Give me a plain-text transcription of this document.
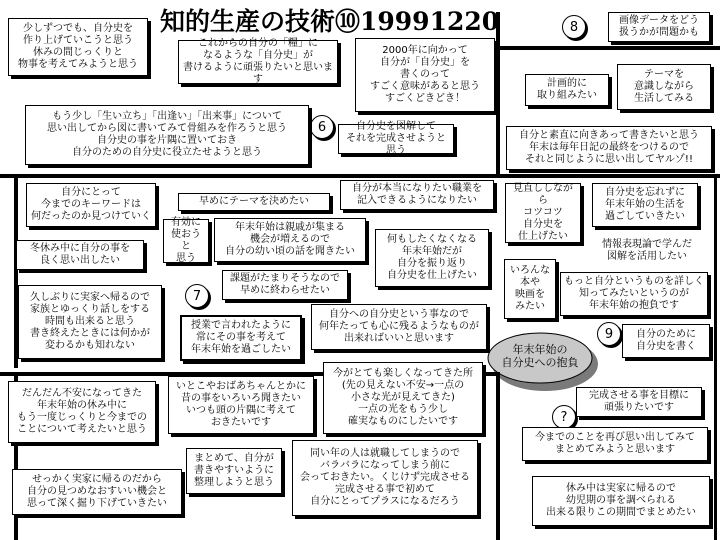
知的生産の技術⑩19991220	8
6
7
9
?
年末年始の
自分史への抱負
少しずつでも、自分史を
作り上げていこうと思う
休みの間じっくりと
物事を考えてみようと思う
これからの自分の「糧」に
なるような「自分史」が
書けるように頑張りたいと思います
2000年に向かって
自分が「自分史」を
書くのって
すごく意味があると思う
すごくどきどき！
画像データをどう
扱うかが問題かも
計画的に
取り組みたい
テーマを
意識しながら
生活してみる
もう少し「生い立ち」「出逢い」「出来事」について
思い出してから図に書いてみて骨組みを作ろうと思う
自分史の事を片隅に置いておき
自分のための自分史に役立たせようと思う
自分史を図解して
それを完成させようと思う
自分と素直に向きあって書きたいと思う
年末は毎年日記の最終をつけるので
それと同じように思い出してヤルゾ!!
自分にとって
今までのキーワードは
何だったのか見つけていく
早めにテーマを決めたい
自分が本当になりたい職業を
記入できるようになりたい
見直ししながら
コツコツ
自分史を
仕上げたい
自分史を忘れずに
年末年始の生活を
過ごしていきたい
有効に
使おうと
思う
年末年始は親戚が集まる
機会が増えるので
自分の幼い頃の話を聞きたい
何もしたくなくなる
年末年始だが
自分を振り返り
自分史を仕上げたい
冬休み中に自分の事を
良く思い出したい
情報表現論で学んだ
図解を活用したい
いろんな
本や
映画を
みたい
もっと自分というものを詳しく
知ってみたいというのが
年末年始の抱負です
課題がたまりそうなので
早めに終わらせたい
久しぶりに実家へ帰るので
家族とゆっくり話しをする
時間も出来ると思う
書き終えたときには何かが
変わるかも知れない
授業で言われたように
常にその事を考えて
年末年始を過ごしたい
自分への自分史という事なので
何年たっても心に残るようなものが
出来ればいいと思います	自分のために
自分史を書く
だんだん不安になってきた
年末年始の休み中に
もう一度じっくりと今までの
ことについて考えたいと思う
いとこやおばあちゃんとかに
昔の事をいろいろ聞きたい
いつも頭の片隅に考えて
おきたいです
今がとても楽しくなってきた所
(先の見えない不安→一点の
小さな光が見えてきた)
一点の光をもう少し
確実なものにしたいです
完成させる事を目標に
頑張りたいです
今までのことを再び思い出してみて
まとめてみようと思います
まとめて、自分が
書きやすいように
整理しようと思う
同い年の人は就職してしまうので
バラバラになってしまう前に
会っておきたい。くじけず完成させる
完成させる事で初めて
自分にとってプラスになるだろう
せっかく実家に帰るのだから
自分の見つめなおすいい機会と
思って深く掘り下げていきたい
休み中は実家に帰るので
幼児期の事を調べられる
出来る限りこの期間でまとめたい
